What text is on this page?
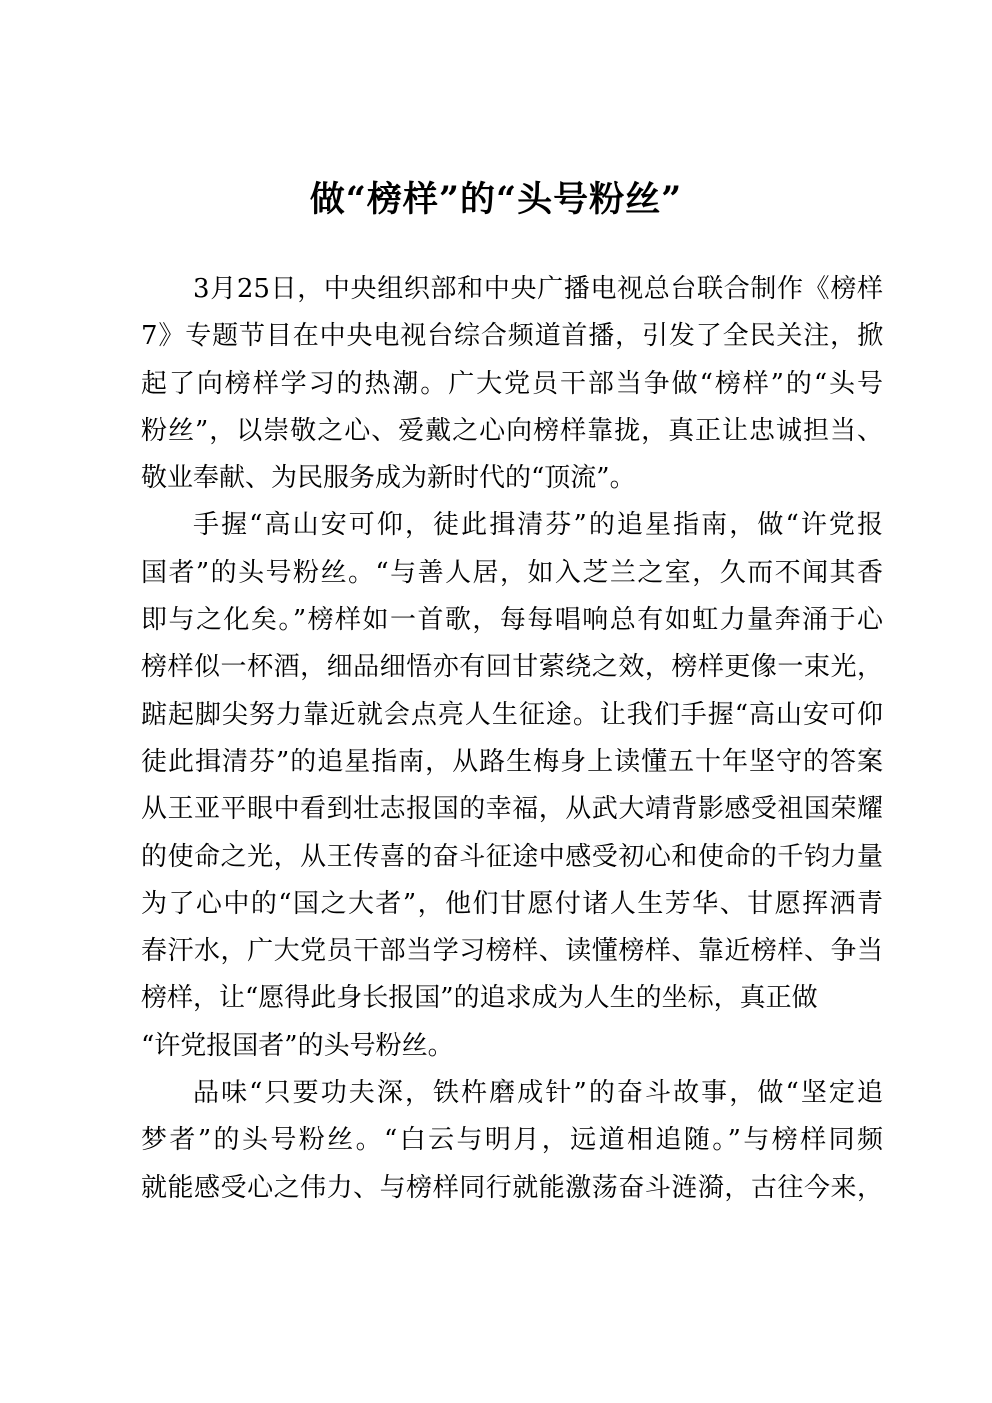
做“榜样”的“头号粉丝”
3月25日，中央组织部和中央广播电视总台联合制作《榜样
7》专题节目在中央电视台综合频道首播，引发了全民关注，掀
起了向榜样学习的热潮。广大党员干部当争做“榜样”的“头号
粉丝”，以崇敬之心、爱戴之心向榜样靠拢，真正让忠诚担当、
敬业奉献、为民服务成为新时代的“顶流”。
手握“高山安可仰，徒此揖清芬”的追星指南，做“许党报
国者”的头号粉丝。“与善人居，如入芝兰之室，久而不闻其香
即与之化矣。”榜样如一首歌，每每唱响总有如虹力量奔涌于心
榜样似一杯酒，细品细悟亦有回甘萦绕之效，榜样更像一束光，
踮起脚尖努力靠近就会点亮人生征途。让我们手握“高山安可仰
徒此揖清芬”的追星指南，从路生梅身上读懂五十年坚守的答案
从王亚平眼中看到壮志报国的幸福，从武大靖背影感受祖国荣耀
的使命之光，从王传喜的奋斗征途中感受初心和使命的千钧力量
为了心中的“国之大者”，他们甘愿付诸人生芳华、甘愿挥洒青
春汗水，广大党员干部当学习榜样、读懂榜样、靠近榜样、争当
榜样，让“愿得此身长报国”的追求成为人生的坐标，真正做
“许党报国者”的头号粉丝。
品味“只要功夫深，铁杵磨成针”的奋斗故事，做“坚定追
梦者”的头号粉丝。“白云与明月，远道相追随。”与榜样同频
就能感受心之伟力、与榜样同行就能激荡奋斗涟漪，古往今来，
